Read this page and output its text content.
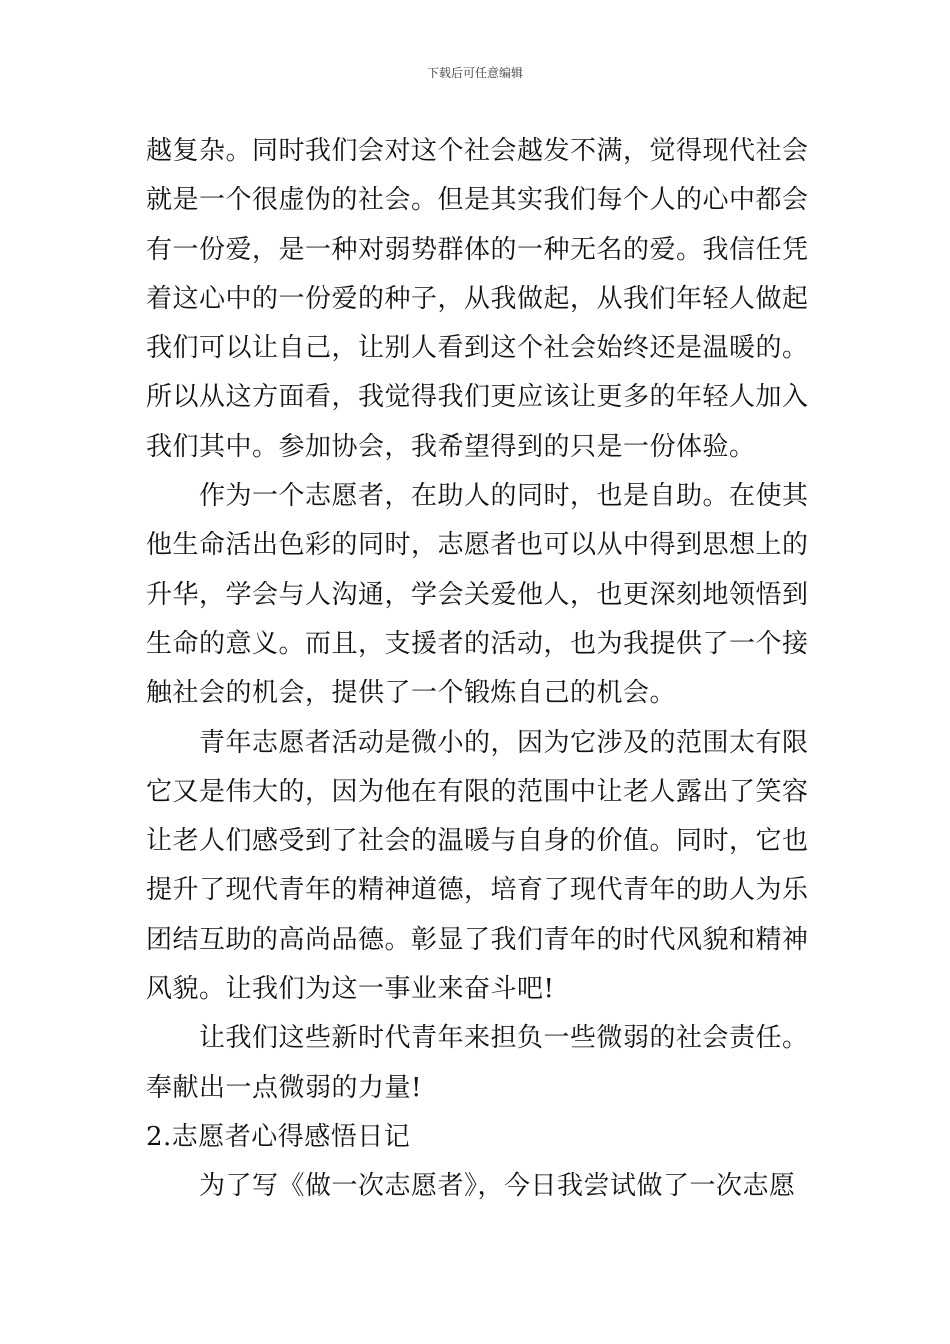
下载后可任意编辑
越复杂。同时我们会对这个社会越发不满，觉得现代社会
就是一个很虚伪的社会。但是其实我们每个人的心中都会
有一份爱，是一种对弱势群体的一种无名的爱。我信任凭
着这心中的一份爱的种子，从我做起，从我们年轻人做起
我们可以让自己，让别人看到这个社会始终还是温暖的。
所以从这方面看，我觉得我们更应该让更多的年轻人加入
我们其中。参加协会，我希望得到的只是一份体验。
作为一个志愿者，在助人的同时，也是自助。在使其
他生命活出色彩的同时，志愿者也可以从中得到思想上的
升华，学会与人沟通，学会关爱他人，也更深刻地领悟到
生命的意义。而且，支援者的活动，也为我提供了一个接
触社会的机会，提供了一个锻炼自己的机会。
青年志愿者活动是微小的，因为它涉及的范围太有限
它又是伟大的，因为他在有限的范围中让老人露出了笑容
让老人们感受到了社会的温暖与自身的价值。同时，它也
提升了现代青年的精神道德，培育了现代青年的助人为乐
团结互助的高尚品德。彰显了我们青年的时代风貌和精神
风貌。让我们为这一事业来奋斗吧!
让我们这些新时代青年来担负一些微弱的社会责任。
奉献出一点微弱的力量!
2.志愿者心得感悟日记
为了写《做一次志愿者》，今日我尝试做了一次志愿
